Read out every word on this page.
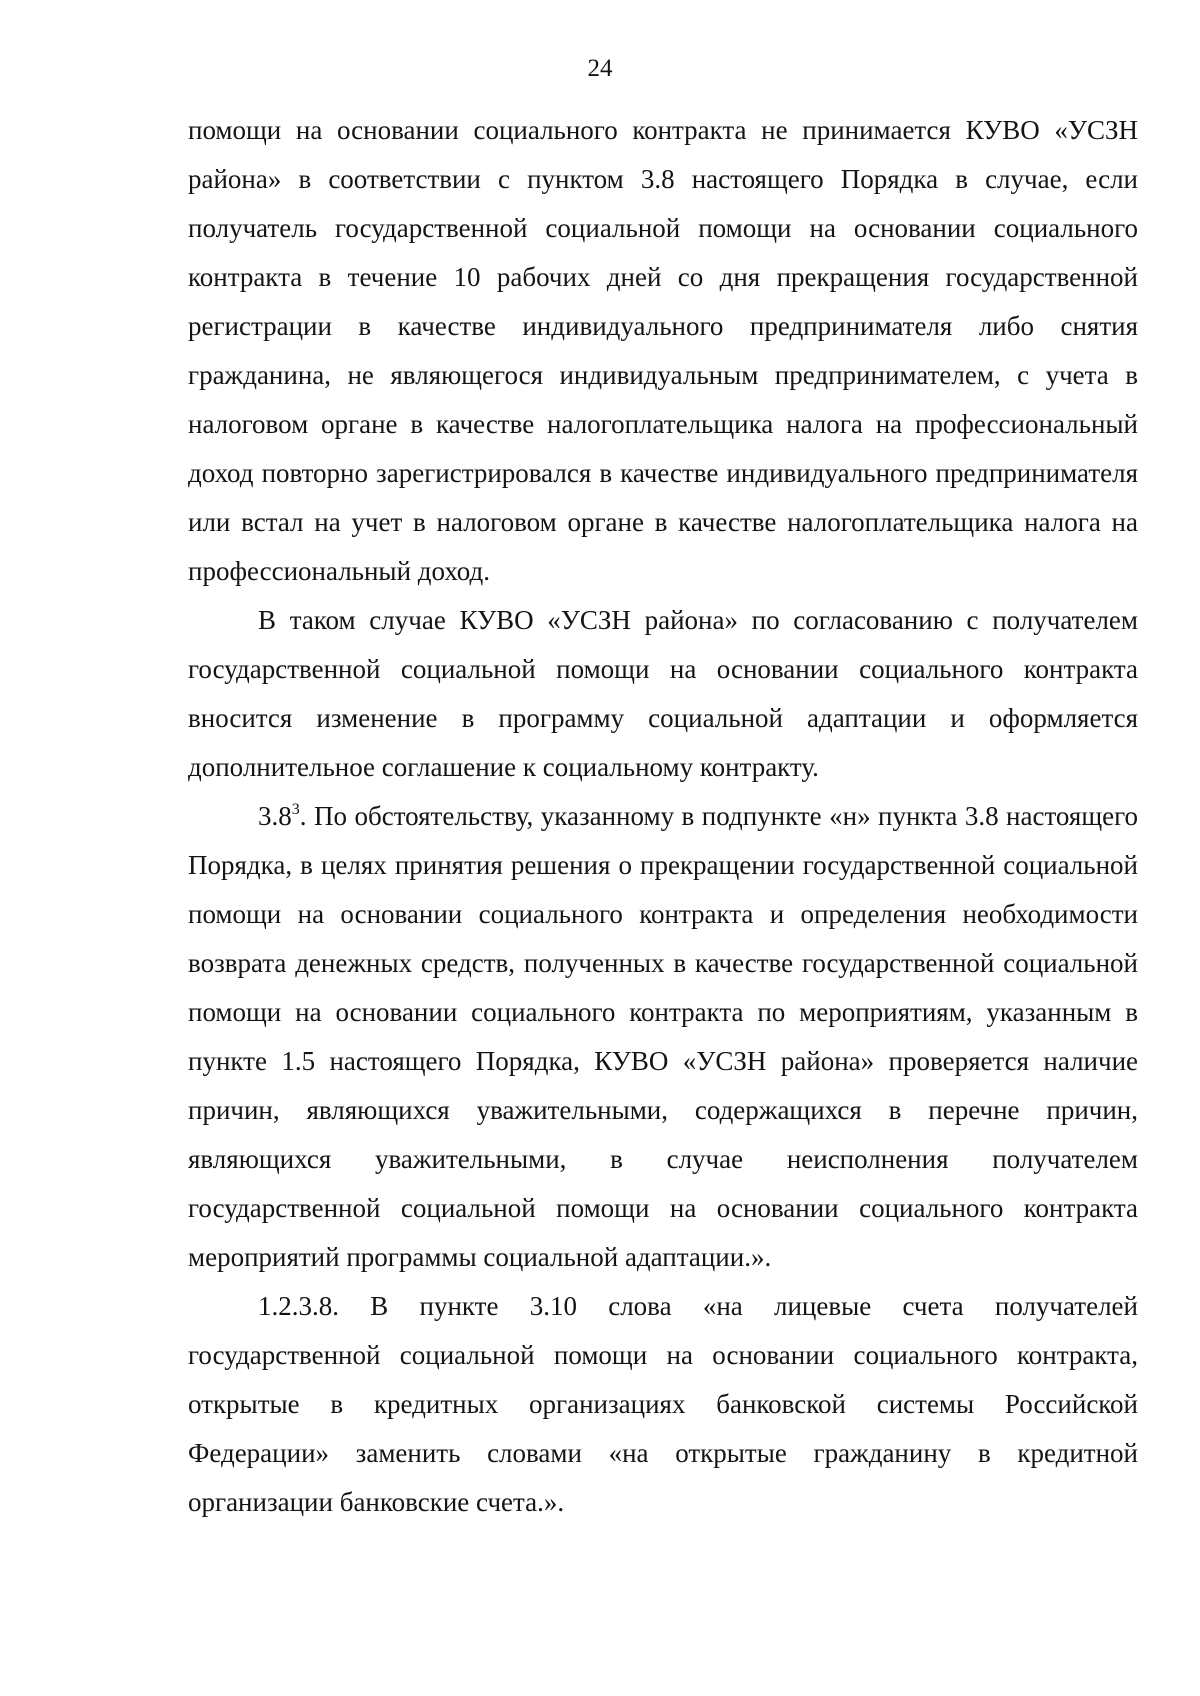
24

помощи на основании социального контракта не принимается КУВО «УСЗН района» в соответствии с пунктом 3.8 настоящего Порядка в случае, если получатель государственной социальной помощи на основании социального контракта в течение 10 рабочих дней со дня прекращения государственной регистрации в качестве индивидуального предпринимателя либо снятия гражданина, не являющегося индивидуальным предпринимателем, с учета в налоговом органе в качестве налогоплательщика налога на профессиональный доход повторно зарегистрировался в качестве индивидуального предпринимателя или встал на учет в налоговом органе в качестве налогоплательщика налога на профессиональный доход.

В таком случае КУВО «УСЗН района» по согласованию с получателем государственной социальной помощи на основании социального контракта вносится изменение в программу социальной адаптации и оформляется дополнительное соглашение к социальному контракту.

$3.8^3$. По обстоятельству, указанному в подпункте «н» пункта 3.8 настоящего Порядка, в целях принятия решения о прекращении государственной социальной помощи на основании социального контракта и определения необходимости возврата денежных средств, полученных в качестве государственной социальной помощи на основании социального контракта по мероприятиям, указанным в пункте 1.5 настоящего Порядка, КУВО «УСЗН района» проверяется наличие причин, являющихся уважительными, содержащихся в перечне причин, являющихся уважительными, в случае неисполнения получателем государственной социальной помощи на основании социального контракта мероприятий программы социальной адаптации.».

1.2.3.8. В пункте 3.10 слова «на лицевые счета получателей государственной социальной помощи на основании социального контракта, открытые в кредитных организациях банковской системы Российской Федерации» заменить словами «на открытые гражданину в кредитной организации банковские счета.».
